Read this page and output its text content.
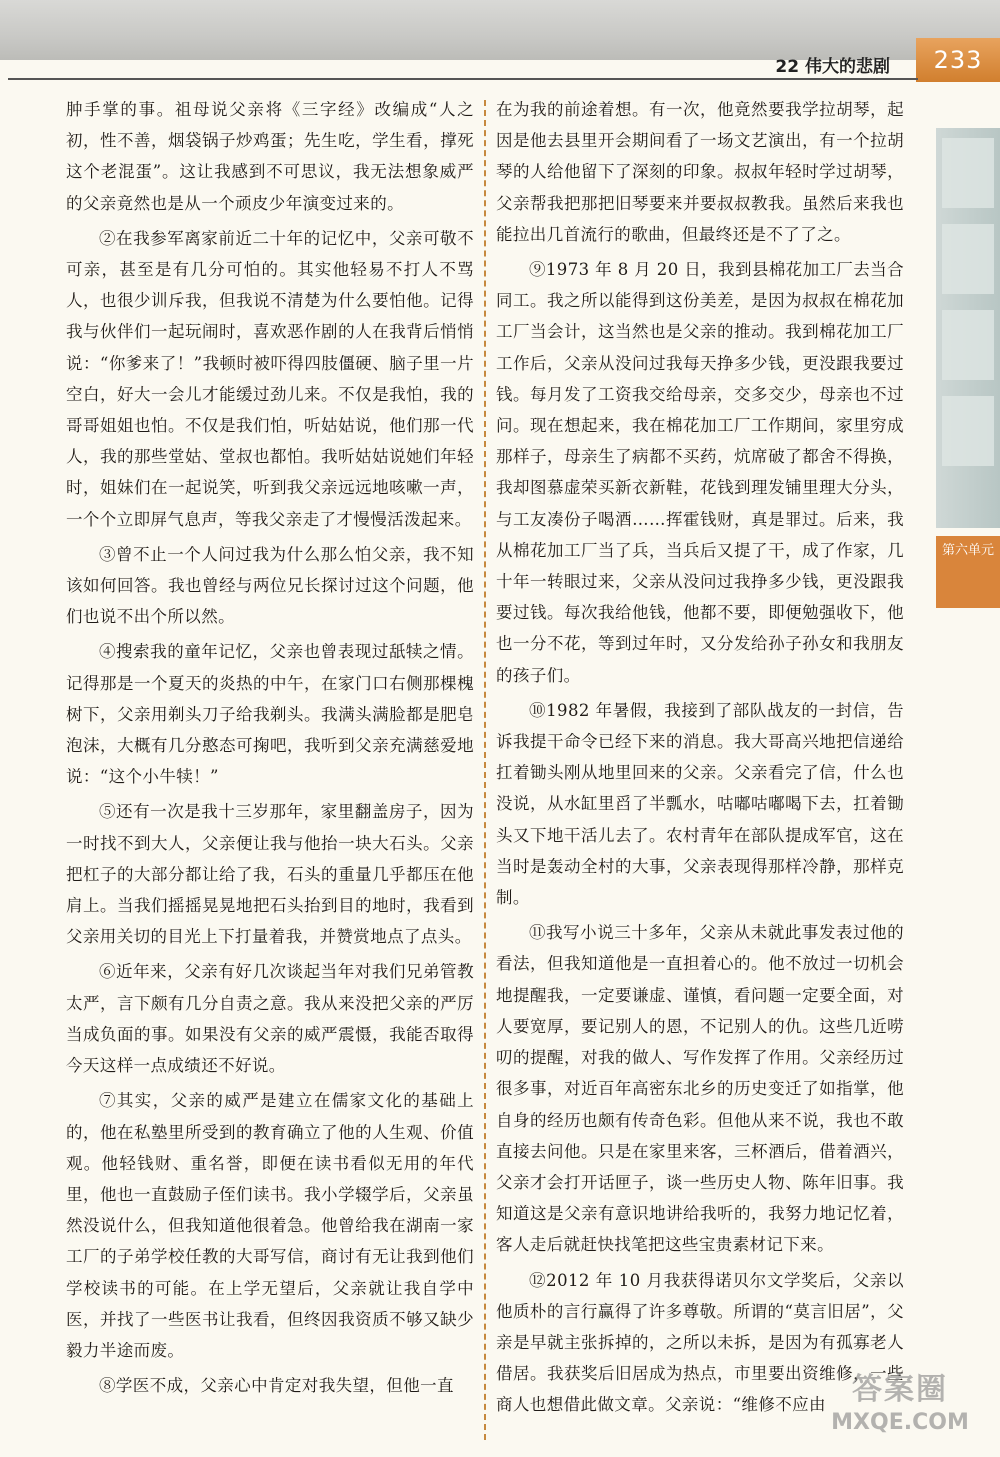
22 伟大的悲剧	233
第六单元

肿手掌的事。祖母说父亲将《三字经》改编成“人之初，性不善，烟袋锅子炒鸡蛋；先生吃，学生看，撑死这个老混蛋”。这让我感到不可思议，我无法想象威严的父亲竟然也是从一个顽皮少年演变过来的。

②在我参军离家前近二十年的记忆中，父亲可敬不可亲，甚至是有几分可怕的。其实他轻易不打人不骂人，也很少训斥我，但我说不清楚为什么要怕他。记得我与伙伴们一起玩闹时，喜欢恶作剧的人在我背后悄悄说：“你爹来了！”我顿时被吓得四肢僵硬、脑子里一片空白，好大一会儿才能缓过劲儿来。不仅是我怕，我的哥哥姐姐也怕。不仅是我们怕，听姑姑说，他们那一代人，我的那些堂姑、堂叔也都怕。我听姑姑说她们年轻时，姐妹们在一起说笑，听到我父亲远远地咳嗽一声，一个个立即屏气息声，等我父亲走了才慢慢活泼起来。

③曾不止一个人问过我为什么那么怕父亲，我不知该如何回答。我也曾经与两位兄长探讨过这个问题，他们也说不出个所以然。

④搜索我的童年记忆，父亲也曾表现过舐犊之情。记得那是一个夏天的炎热的中午，在家门口右侧那棵槐树下，父亲用剃头刀子给我剃头。我满头满脸都是肥皂泡沫，大概有几分憨态可掬吧，我听到父亲充满慈爱地说：“这个小牛犊！”

⑤还有一次是我十三岁那年，家里翻盖房子，因为一时找不到大人，父亲便让我与他抬一块大石头。父亲把杠子的大部分都让给了我，石头的重量几乎都压在他肩上。当我们摇摇晃晃地把石头抬到目的地时，我看到父亲用关切的目光上下打量着我，并赞赏地点了点头。

⑥近年来，父亲有好几次谈起当年对我们兄弟管教太严，言下颇有几分自责之意。我从来没把父亲的严厉当成负面的事。如果没有父亲的威严震慑，我能否取得今天这样一点成绩还不好说。

⑦其实，父亲的威严是建立在儒家文化的基础上的，他在私塾里所受到的教育确立了他的人生观、价值观。他轻钱财、重名誉，即便在读书看似无用的年代里，他也一直鼓励子侄们读书。我小学辍学后，父亲虽然没说什么，但我知道他很着急。他曾给我在湖南一家工厂的子弟学校任教的大哥写信，商讨有无让我到他们学校读书的可能。在上学无望后，父亲就让我自学中医，并找了一些医书让我看，但终因我资质不够又缺少毅力半途而废。

⑧学医不成，父亲心中肯定对我失望，但他一直

在为我的前途着想。有一次，他竟然要我学拉胡琴，起因是他去县里开会期间看了一场文艺演出，有一个拉胡琴的人给他留下了深刻的印象。叔叔年轻时学过胡琴，父亲帮我把那把旧琴要来并要叔叔教我。虽然后来我也能拉出几首流行的歌曲，但最终还是不了了之。

⑨1973 年 8 月 20 日，我到县棉花加工厂去当合同工。我之所以能得到这份美差，是因为叔叔在棉花加工厂当会计，这当然也是父亲的推动。我到棉花加工厂工作后，父亲从没问过我每天挣多少钱，更没跟我要过钱。每月发了工资我交给母亲，交多交少，母亲也不过问。现在想起来，我在棉花加工厂工作期间，家里穷成那样子，母亲生了病都不买药，炕席破了都舍不得换，我却图慕虚荣买新衣新鞋，花钱到理发铺里理大分头，与工友凑份子喝酒……挥霍钱财，真是罪过。后来，我从棉花加工厂当了兵，当兵后又提了干，成了作家，几十年一转眼过来，父亲从没问过我挣多少钱，更没跟我要过钱。每次我给他钱，他都不要，即便勉强收下，他也一分不花，等到过年时，又分发给孙子孙女和我朋友的孩子们。

⑩1982 年暑假，我接到了部队战友的一封信，告诉我提干命令已经下来的消息。我大哥高兴地把信递给扛着锄头刚从地里回来的父亲。父亲看完了信，什么也没说，从水缸里舀了半瓢水，咕嘟咕嘟喝下去，扛着锄头又下地干活儿去了。农村青年在部队提成军官，这在当时是轰动全村的大事，父亲表现得那样冷静，那样克制。

⑪我写小说三十多年，父亲从未就此事发表过他的看法，但我知道他是一直担着心的。他不放过一切机会地提醒我，一定要谦虚、谨慎，看问题一定要全面，对人要宽厚，要记别人的恩，不记别人的仇。这些几近唠叨的提醒，对我的做人、写作发挥了作用。父亲经历过很多事，对近百年高密东北乡的历史变迁了如指掌，他自身的经历也颇有传奇色彩。但他从来不说，我也不敢直接去问他。只是在家里来客，三杯酒后，借着酒兴，父亲才会打开话匣子，谈一些历史人物、陈年旧事。我知道这是父亲有意识地讲给我听的，我努力地记忆着，客人走后就赶快找笔把这些宝贵素材记下来。

⑫2012 年 10 月我获得诺贝尔文学奖后，父亲以他质朴的言行赢得了许多尊敬。所谓的“莫言旧居”，父亲是早就主张拆掉的，之所以未拆，是因为有孤寡老人借居。我获奖后旧居成为热点，市里要出资维修，一些商人也想借此做文章。父亲说：“维修不应由 答案圈
MXQE.COM
